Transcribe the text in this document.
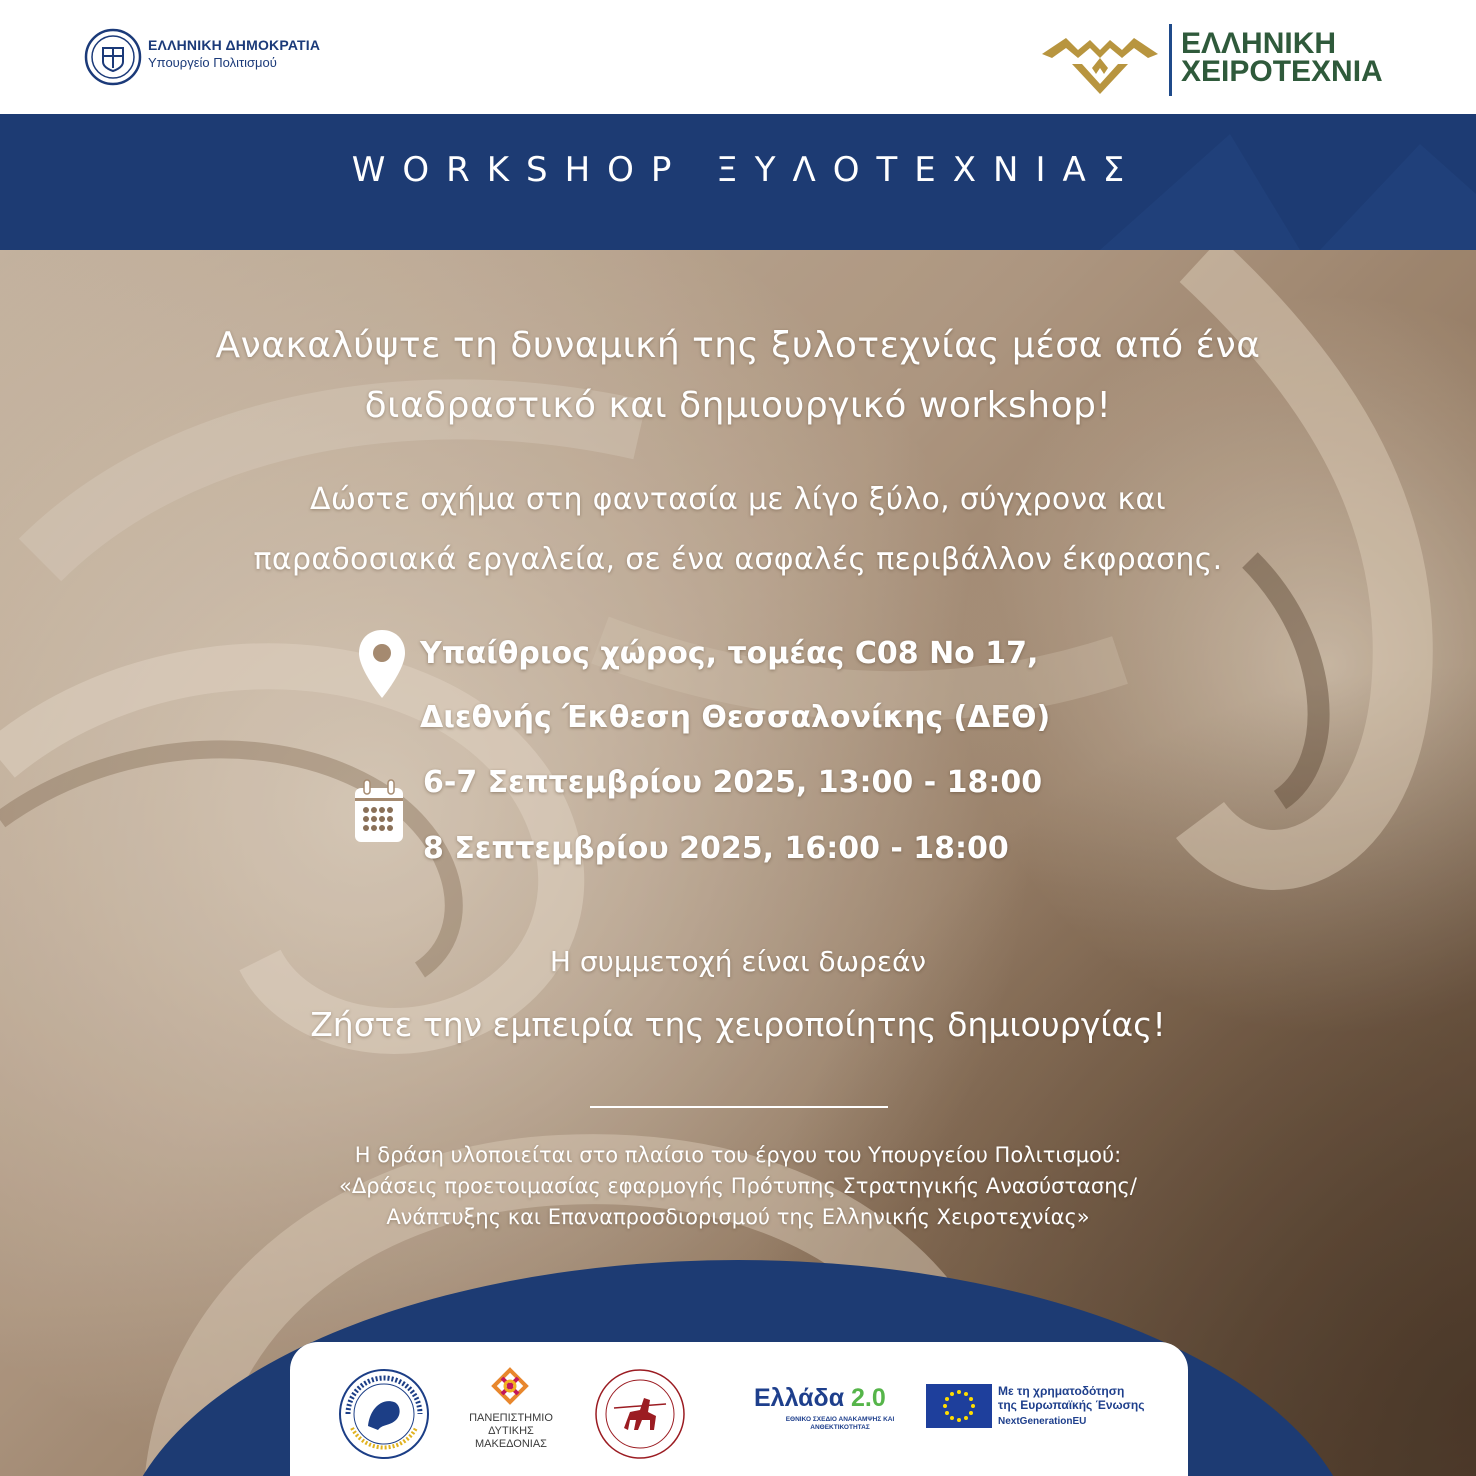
ΕΛΛΗΝΙΚΗ ΔΗΜΟΚΡΑΤΙΑ
Υπουργείο Πολιτισμού
ΕΛΛΗΝΙΚΗ
ΧΕΙΡΟΤΕΧΝΙΑ
WORKSHOP ΞΥΛΟΤΕΧΝΙΑΣ
Ανακαλύψτε τη δυναμική της ξυλοτεχνίας μέσα από ένα
διαδραστικό και δημιουργικό workshop!
Δώστε σχήμα στη φαντασία με λίγο ξύλο, σύγχρονα και
παραδοσιακά εργαλεία, σε ένα ασφαλές περιβάλλον έκφρασης.
Υπαίθριος χώρος, τομέας C08 No 17,
Διεθνής Έκθεση Θεσσαλονίκης (ΔΕΘ)
6-7 Σεπτεμβρίου 2025, 13:00 - 18:00
8 Σεπτεμβρίου 2025, 16:00 - 18:00
Η συμμετοχή είναι δωρεάν
Ζήστε την εμπειρία της χειροποίητης δημιουργίας!
Η δράση υλοποιείται στο πλαίσιο του έργου του Υπουργείου Πολιτισμού:
«Δράσεις προετοιμασίας εφαρμογής Πρότυπης Στρατηγικής Ανασύστασης/
Ανάπτυξης και Επαναπροσδιορισμού της Ελληνικής Χειροτεχνίας»
ΠΑΝΕΠΙΣΤΗΜΙΟ ΔΥΤΙΚΗΣ ΜΑΚΕΔΟΝΙΑΣ
Ελλάδα 2.0
ΕΘΝΙΚΟ ΣΧΕΔΙΟ ΑΝΑΚΑΜΨΗΣ ΚΑΙ ΑΝΘΕΚΤΙΚΟΤΗΤΑΣ
Με τη χρηματοδότηση
της Ευρωπαϊκής Ένωσης
NextGenerationEU
